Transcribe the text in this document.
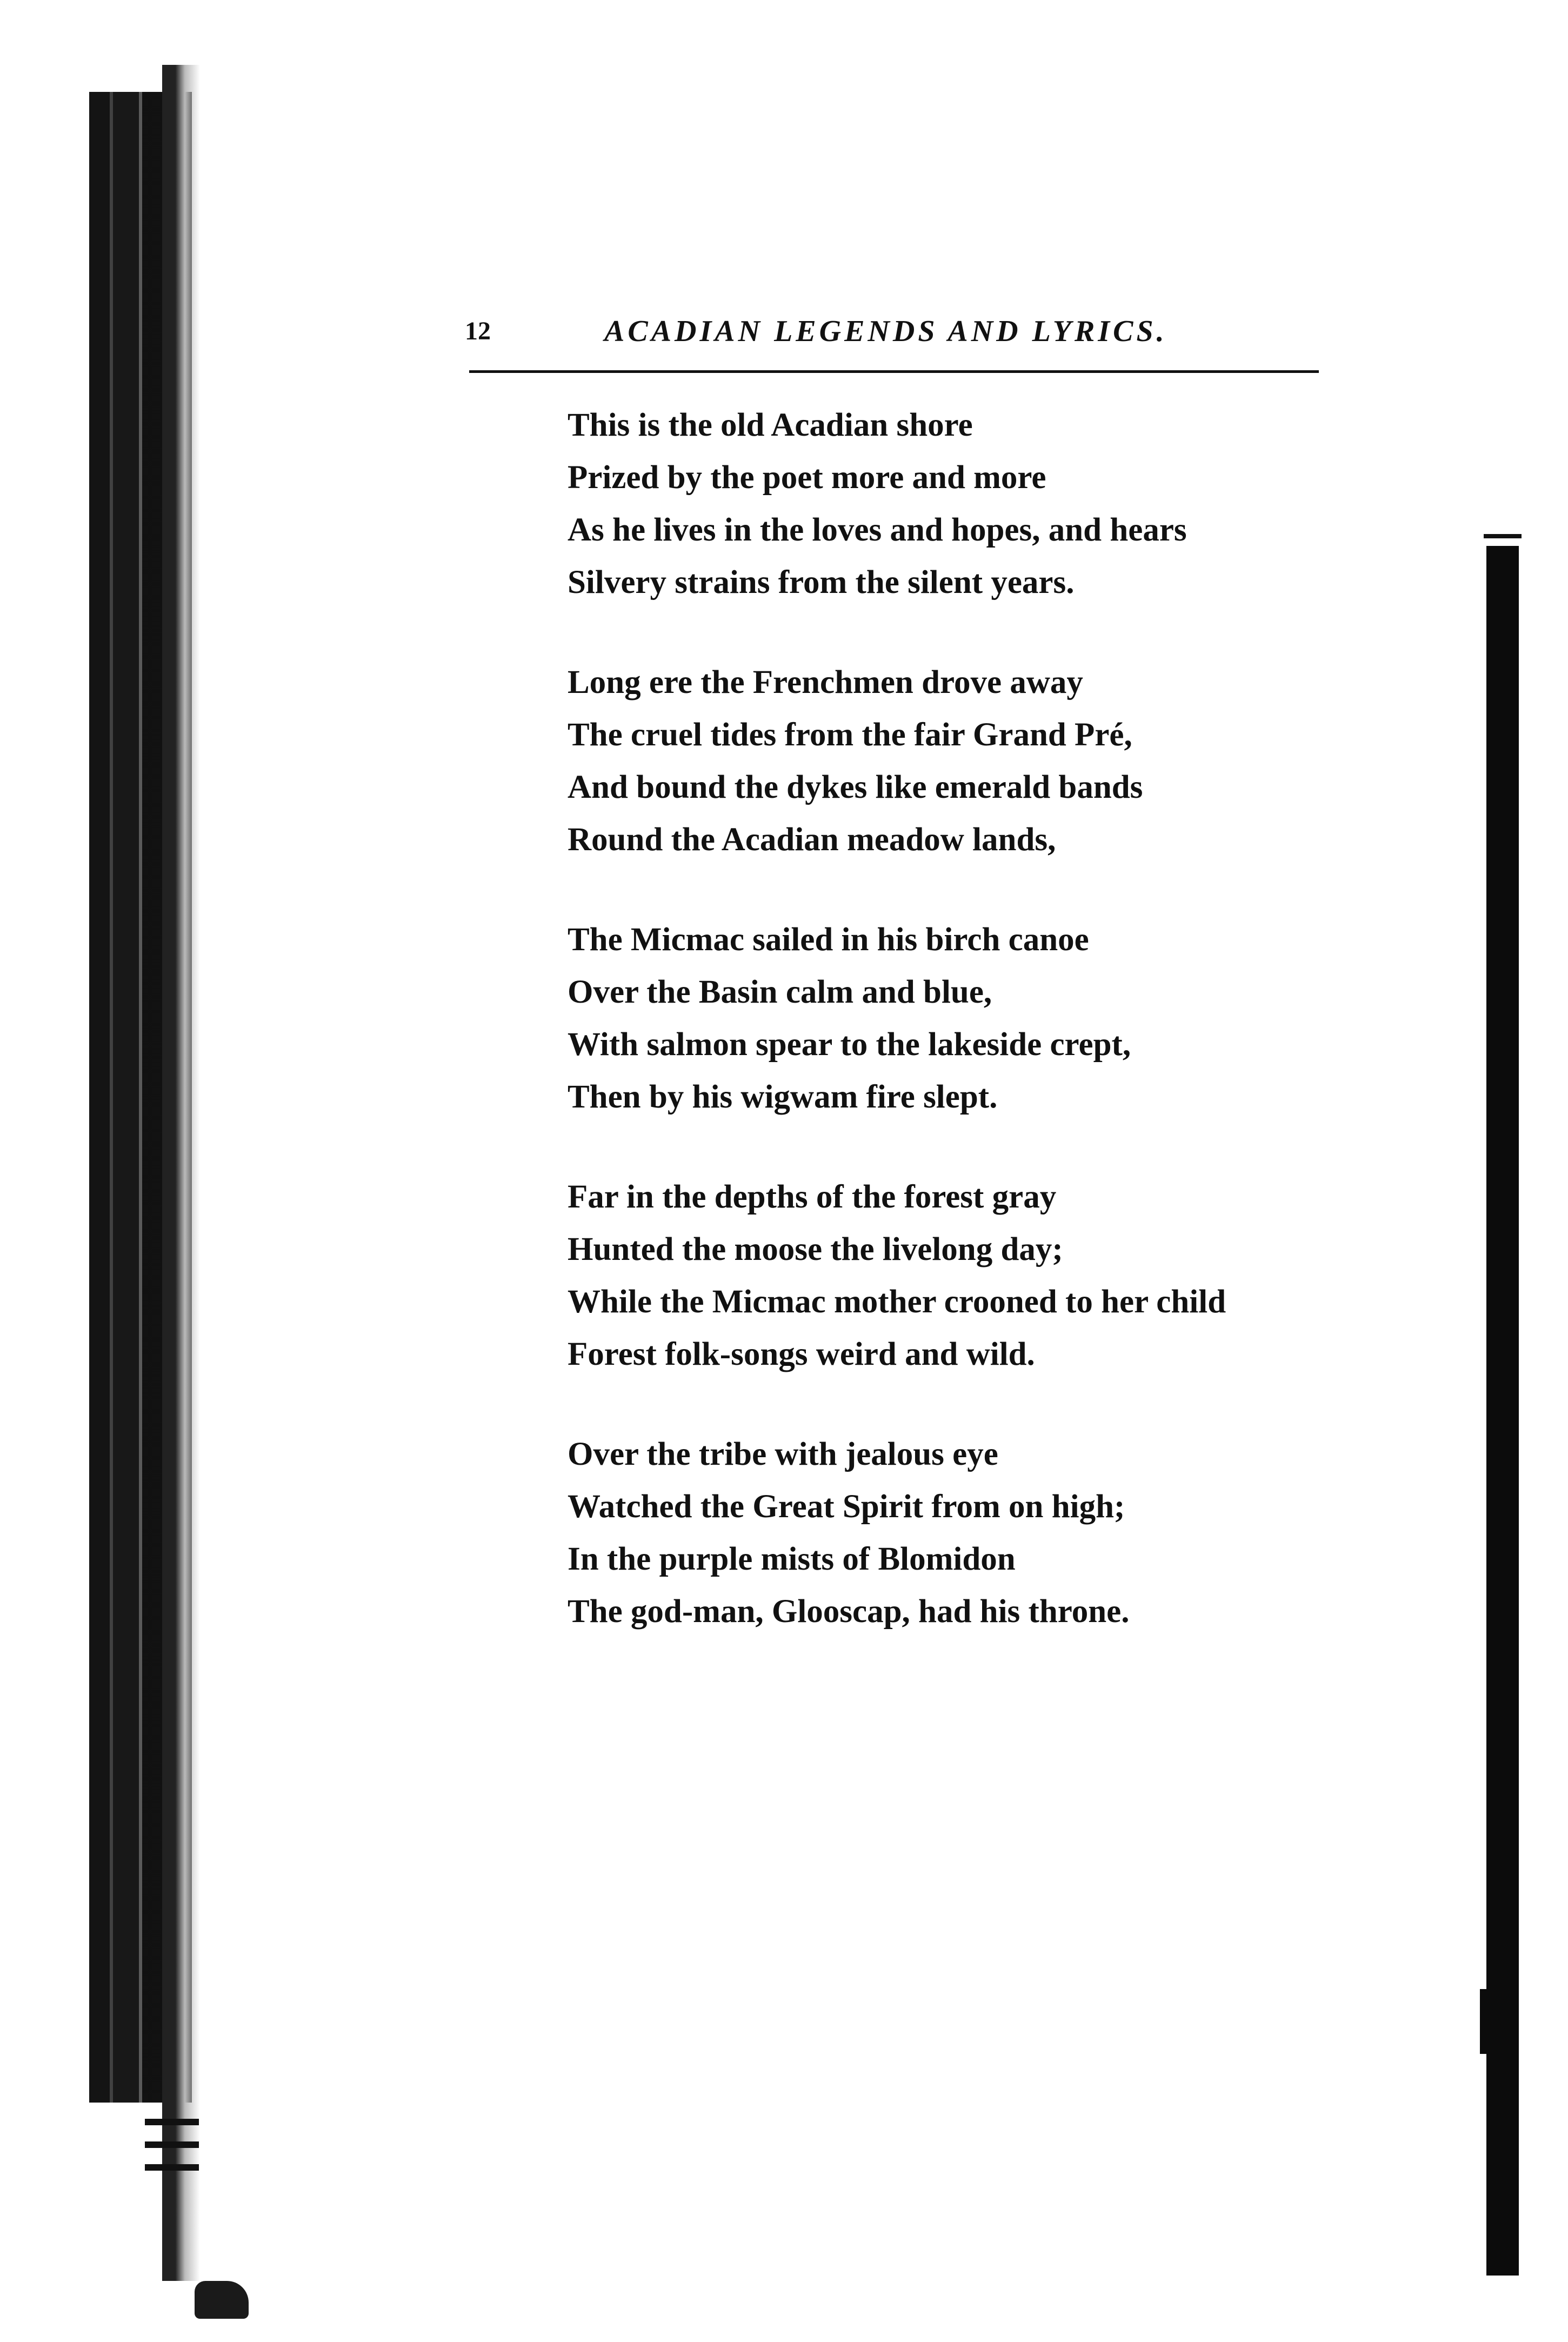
12	ACADIAN LEGENDS AND LYRICS.
This is the old Acadian shore
Prized by the poet more and more
As he lives in the loves and hopes, and hears
Silvery strains from the silent years.
Long ere the Frenchmen drove away
The cruel tides from the fair Grand Pré,
And bound the dykes like emerald bands
Round the Acadian meadow lands,
The Micmac sailed in his birch canoe
Over the Basin calm and blue,
With salmon spear to the lakeside crept,
Then by his wigwam fire slept.
Far in the depths of the forest gray
Hunted the moose the livelong day;
While the Micmac mother crooned to her child
Forest folk-songs weird and wild.
Over the tribe with jealous eye
Watched the Great Spirit from on high;
In the purple mists of Blomidon
The god-man, Glooscap, had his throne.
